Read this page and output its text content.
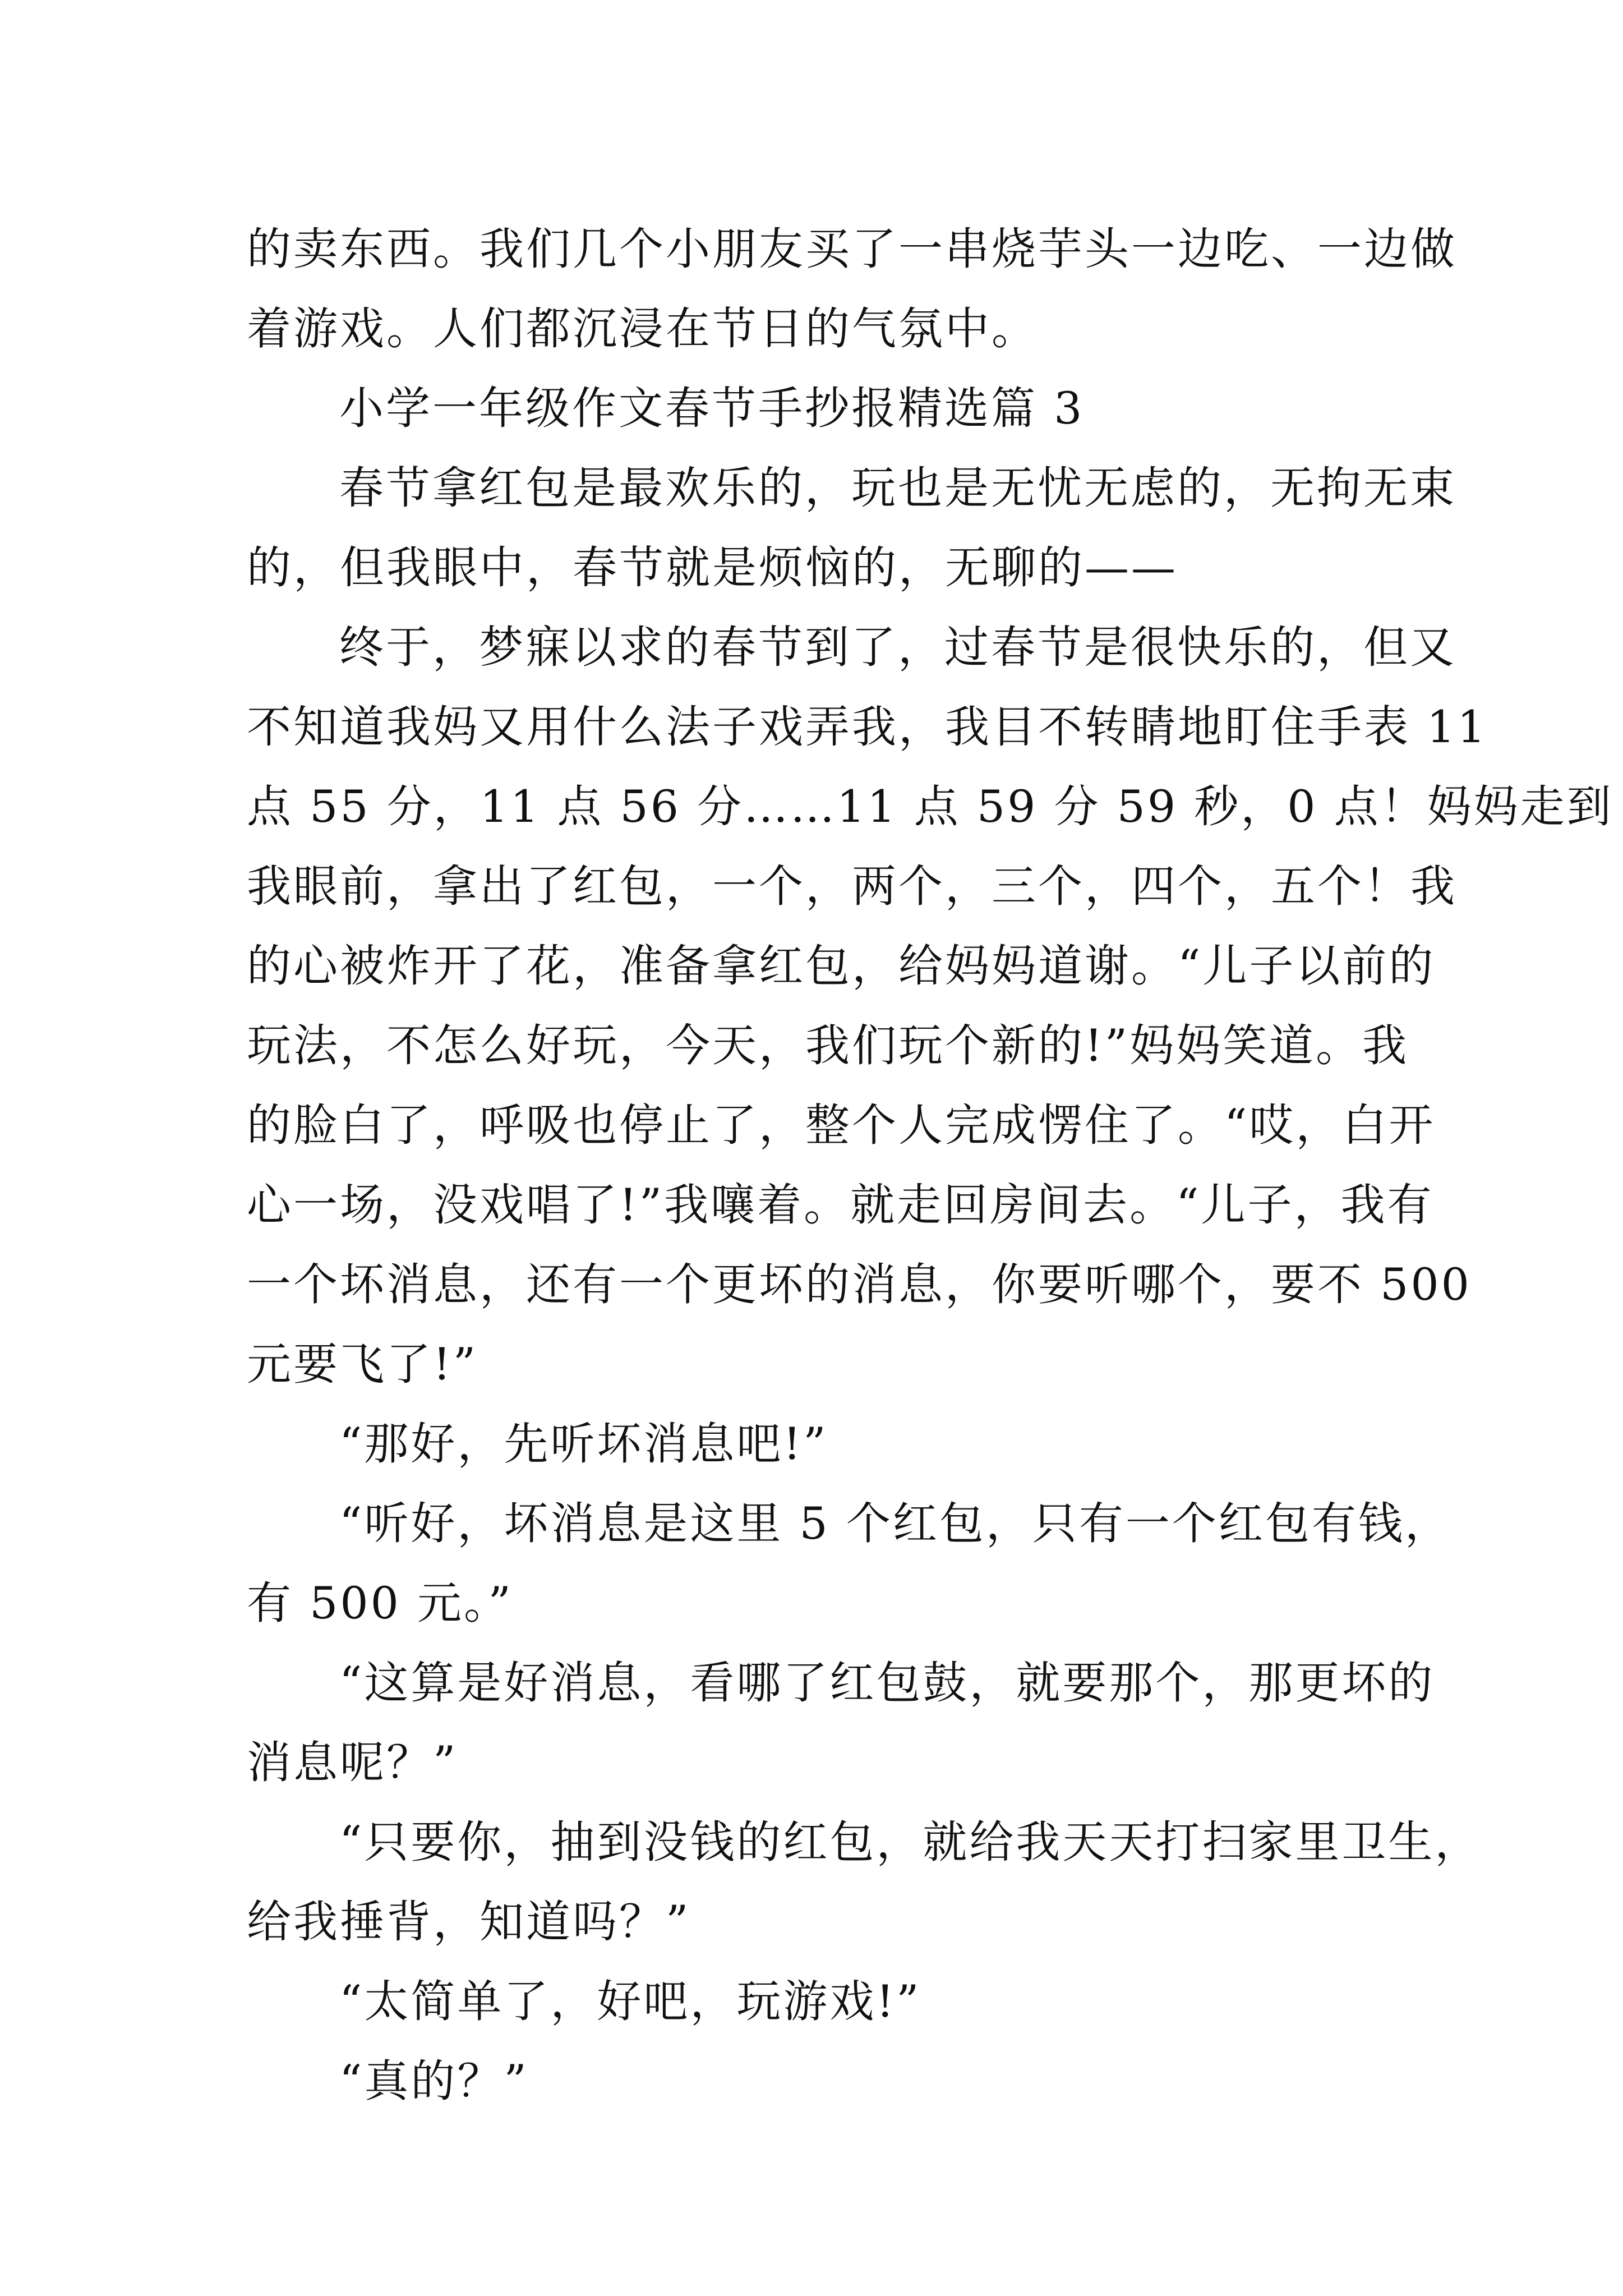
的卖东西。我们几个小朋友买了一串烧芋头一边吃、一边做
着游戏。人们都沉浸在节日的气氛中。

小学一年级作文春节手抄报精选篇 3

春节拿红包是最欢乐的，玩也是无忧无虑的，无拘无束
的，但我眼中，春节就是烦恼的，无聊的——

终于，梦寐以求的春节到了，过春节是很快乐的，但又
不知道我妈又用什么法子戏弄我，我目不转睛地盯住手表 11
点 55 分，11 点 56 分……11 点 59 分 59 秒，0 点！妈妈走到
我眼前，拿出了红包，一个，两个，三个，四个，五个！我
的心被炸开了花，准备拿红包，给妈妈道谢。“儿子以前的
玩法，不怎么好玩，今天，我们玩个新的!”妈妈笑道。我
的脸白了，呼吸也停止了，整个人完成愣住了。“哎，白开
心一场，没戏唱了!”我嚷着。就走回房间去。“儿子，我有
一个坏消息，还有一个更坏的消息，你要听哪个，要不 500
元要飞了!”

“那好，先听坏消息吧!”

“听好，坏消息是这里 5 个红包，只有一个红包有钱，
有 500 元。”

“这算是好消息，看哪了红包鼓，就要那个，那更坏的
消息呢？”

“只要你，抽到没钱的红包，就给我天天打扫家里卫生，
给我捶背，知道吗？”

“太简单了，好吧，玩游戏!”

“真的？”
